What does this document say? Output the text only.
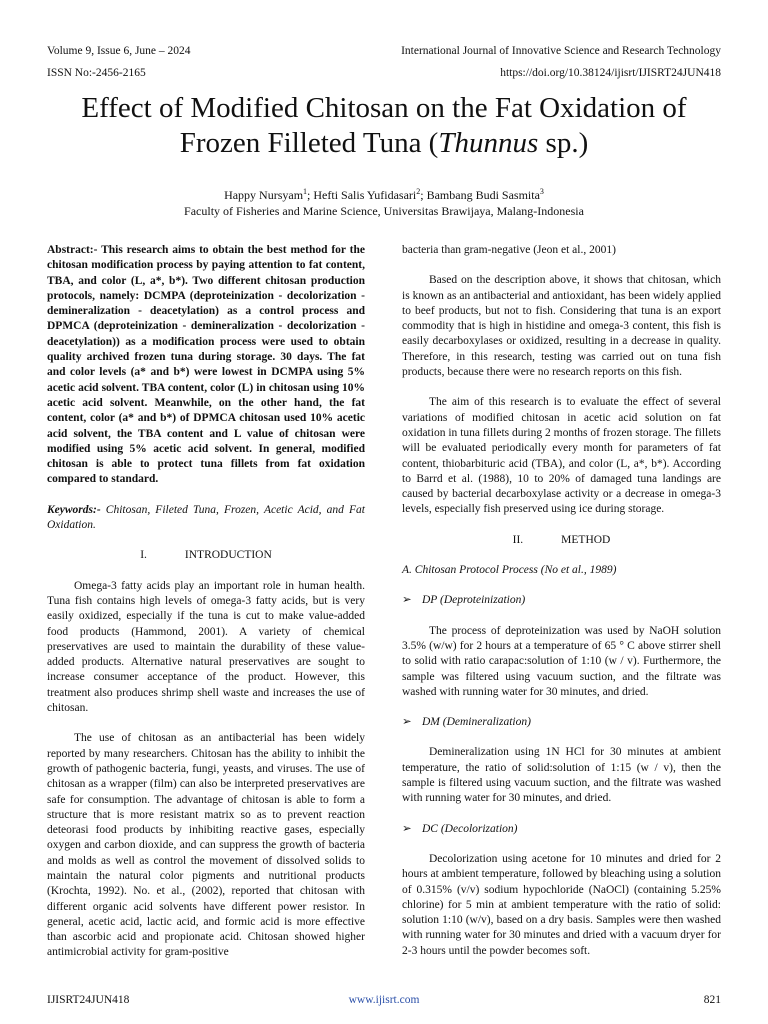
Volume 9, Issue 6, June – 2024
ISSN No:-2456-2165
International Journal of Innovative Science and Research Technology
https://doi.org/10.38124/ijisrt/IJISRT24JUN418
Effect of Modified Chitosan on the Fat Oxidation of
Frozen Filleted Tuna (Thunnus sp.)
Happy Nursyam$^1$; Hefti Salis Yufidasari$^2$; Bambang Budi Sasmita$^3$
Faculty of Fisheries and Marine Science, Universitas Brawijaya, Malang-Indonesia

Abstract:- This research aims to obtain the best method for the chitosan modification process by paying attention to fat content, TBA, and color (L, a*, b*). Two different chitosan production protocols, namely: DCMPA (deproteinization - decolorization - demineralization - deacetylation) as a control process and DPMCA (deproteinization - demineralization - decolorization - deacetylation)) as a modification process were used to obtain quality archived frozen tuna during storage. 30 days. The fat and color levels (a* and b*) were lowest in DCMPA using 5% acetic acid solvent. TBA content, color (L) in chitosan using 10% acetic acid solvent. Meanwhile, on the other hand, the fat content, color (a* and b*) of DPMCA chitosan used 10% acetic acid solvent, the TBA content and L value of chitosan were modified using 5% acetic acid solvent. In general, modified chitosan is able to protect tuna fillets from fat oxidation compared to standard.

Keywords:- Chitosan, Fileted Tuna, Frozen, Acetic Acid, and Fat Oxidation.

I.	INTRODUCTION

Omega-3 fatty acids play an important role in human health. Tuna fish contains high levels of omega-3 fatty acids, but is very easily oxidized, especially if the tuna is cut to make value-added food products (Hammond, 2001). A variety of chemical preservatives are used to maintain the durability of these value-added products. Alternative natural preservatives are sought to increase consumer acceptance of the product. However, this treatment also produces shrimp shell waste and increases the use of chitosan.

The use of chitosan as an antibacterial has been widely reported by many researchers. Chitosan has the ability to inhibit the growth of pathogenic bacteria, fungi, yeasts, and viruses. The use of chitosan as a wrapper (film) can also be interpreted preservatives are safe for consumption. The advantage of chitosan is able to form a structure that is more resistant matrix so as to prevent reaction deteorasi food products by inhibiting reactive gases, especially oxygen and carbon dioxide, and can suppress the growth of bacteria and molds as well as control the movement of dissolved solids to maintain the natural color pigments and nutritional products (Krochta, 1992). No. et al., (2002), reported that chitosan with different organic acid solvents have different power resistor. In general, acetic acid, lactic acid, and formic acid is more effective than ascorbic acid and propionate acid. Chitosan showed higher antimicrobial activity for gram-positive

bacteria than gram-negative (Jeon et al., 2001)

Based on the description above, it shows that chitosan, which is known as an antibacterial and antioxidant, has been widely applied to beef products, but not to fish. Considering that tuna is an export commodity that is high in histidine and omega-3 content, this fish is easily decarboxylases or oxidized, resulting in a decrease in quality. Therefore, in this research, testing was carried out on tuna fish products, because there were no research reports on this fish.

The aim of this research is to evaluate the effect of several variations of modified chitosan in acetic acid solution on fat oxidation in tuna fillets during 2 months of frozen storage. The fillets will be evaluated periodically every month for parameters of fat content, thiobarbituric acid (TBA), and color (L, a*, b*). According to Barrd et al. (1988), 10 to 20% of damaged tuna landings are caused by bacterial decarboxylase activity or a decrease in omega-3 levels, especially fish preserved using ice during storage.

II.	METHOD

A. Chitosan Protocol Process (No et al., 1989)

➢ DP (Deproteinization)

The process of deproteinization was used by NaOH solution 3.5% (w/w) for 2 hours at a temperature of 65 ° C above stirrer shell to solid with ratio carapac:solution of 1:10 (w / v). Furthermore, the sample was filtered using vacuum suction, and the filtrate was washed with running water for 30 minutes, and dried.

➢ DM (Demineralization)

Demineralization using 1N HCl for 30 minutes at ambient temperature, the ratio of solid:solution of 1:15 (w / v), then the sample is filtered using vacuum suction, and the filtrate was washed with running water for 30 minutes, and dried.

➢ DC (Decolorization)

Decolorization using acetone for 10 minutes and dried for 2 hours at ambient temperature, followed by bleaching using a solution of 0.315% (v/v) sodium hypochloride (NaOCl) (containing 5.25% chlorine) for 5 min at ambient temperature with the ratio of solid: solution 1:10 (w/v), based on a dry basis. Samples were then washed with running water for 30 minutes and dried with a vacuum dryer for 2-3 hours until the powder becomes soft.

IJISRT24JUN418	www.ijisrt.com	821
